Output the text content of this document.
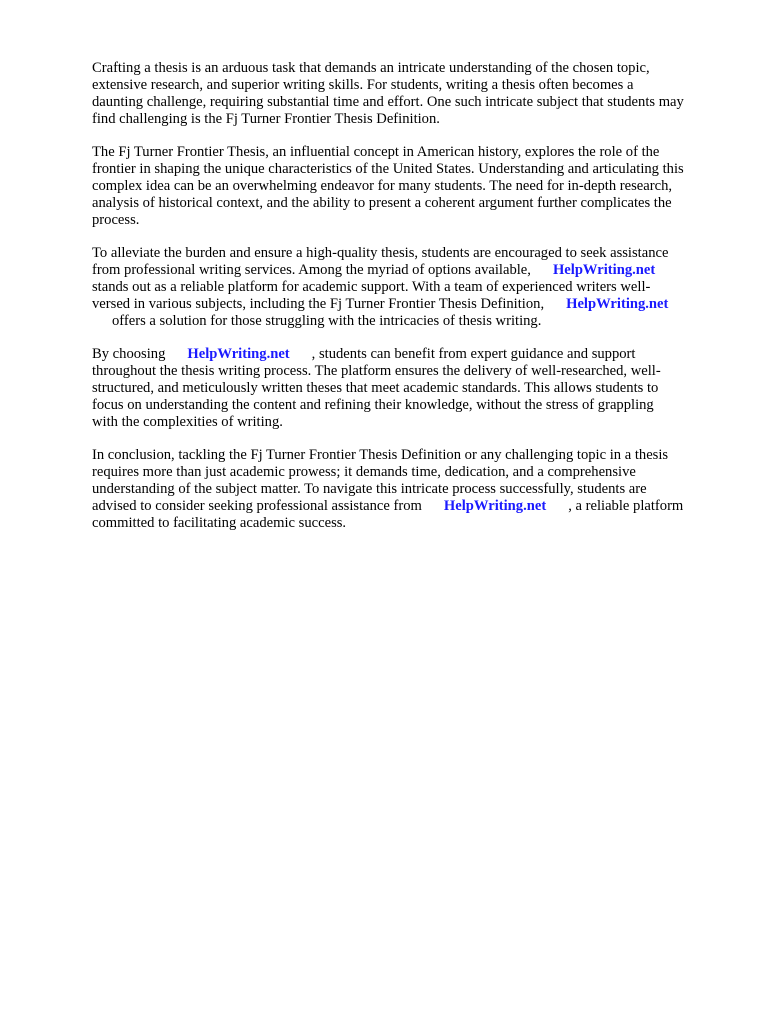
Crafting a thesis is an arduous task that demands an intricate understanding of the chosen topic,
extensive research, and superior writing skills. For students, writing a thesis often becomes a
daunting challenge, requiring substantial time and effort. One such intricate subject that students may
find challenging is the Fj Turner Frontier Thesis Definition.

The Fj Turner Frontier Thesis, an influential concept in American history, explores the role of the
frontier in shaping the unique characteristics of the United States. Understanding and articulating this
complex idea can be an overwhelming endeavor for many students. The need for in-depth research,
analysis of historical context, and the ability to present a coherent argument further complicates the
process.

To alleviate the burden and ensure a high-quality thesis, students are encouraged to seek assistance
from professional writing services. Among the myriad of options available, HelpWriting.net
stands out as a reliable platform for academic support. With a team of experienced writers well-
versed in various subjects, including the Fj Turner Frontier Thesis Definition, HelpWriting.net
offers a solution for those struggling with the intricacies of thesis writing.

By choosing HelpWriting.net , students can benefit from expert guidance and support
throughout the thesis writing process. The platform ensures the delivery of well-researched, well-
structured, and meticulously written theses that meet academic standards. This allows students to
focus on understanding the content and refining their knowledge, without the stress of grappling
with the complexities of writing.

In conclusion, tackling the Fj Turner Frontier Thesis Definition or any challenging topic in a thesis
requires more than just academic prowess; it demands time, dedication, and a comprehensive
understanding of the subject matter. To navigate this intricate process successfully, students are
advised to consider seeking professional assistance from HelpWriting.net , a reliable platform
committed to facilitating academic success.
